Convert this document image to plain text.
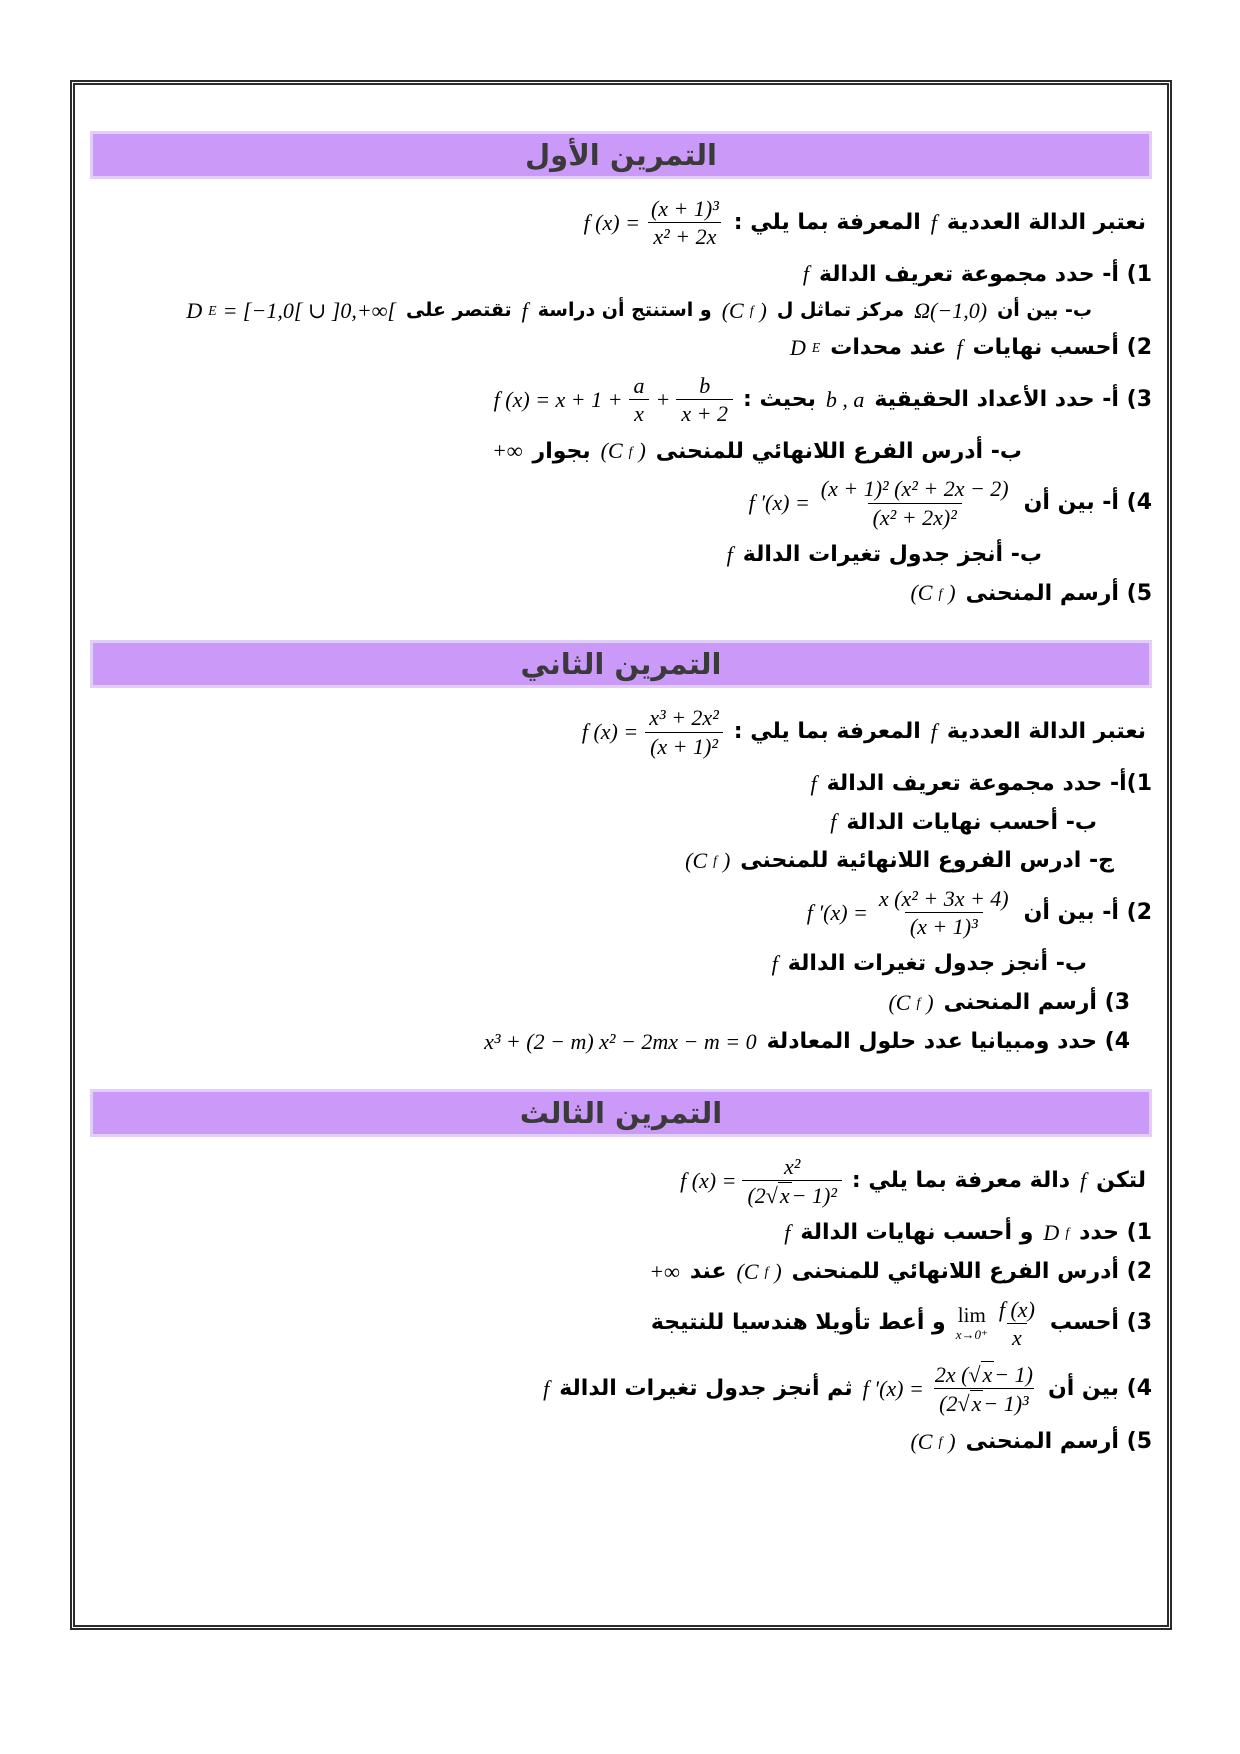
التمرين الأول
نعتبر الدالة العددية
f
المعرفة بما يلي :
f $(x) = \frac{\text{(x + 1)³}}{\text{x² + 2x}}$
1) أ- حدد مجموعة تعريف الدالة
f
ب- بين أن
Ω(−1,0)
مركز تماثل ل
(C f )
و استنتج أن دراسة
f
تقتصر على
D E = [−1,0[ ∪ ]0,+∞[
2) أحسب نهايات
f
عند محدات
D E
3) أ- حدد الأعداد الحقيقية
b , a
بحيث :
f $(x) = x + 1 + \frac{a}{x} + \frac{b}{x + 2}$
ب- أدرس الفرع اللانهائي للمنحنى
(C f )
بجوار
+∞
4) أ- بين أن
f $'(x) = \frac{\text{(x + 1)² (x² + 2x − 2)}}{\text{(x² + 2x)²}}$
ب- أنجز جدول تغيرات الدالة
f
5) أرسم المنحنى
(C f )
التمرين الثاني
نعتبر الدالة العددية
f
المعرفة بما يلي :
f $(x) = \frac{\text{x³ + 2x²}}{\text{(x + 1)²}}$
1)أ- حدد مجموعة تعريف الدالة
f
ب- أحسب نهايات الدالة
f
ج- ادرس الفروع اللانهائية للمنحنى
(C f )
2) أ- بين أن
f $'(x) = \frac{\text{x (x² + 3x + 4)}}{\text{(x + 1)³}}$
ب- أنجز جدول تغيرات الدالة
f
3) أرسم المنحنى
(C f )
4) حدد ومبيانيا عدد حلول المعادلة
x³ + (2 − m) x² − 2mx − m = 0
التمرين الثالث
لتكن
f
دالة معرفة بما يلي :
f $(x) = \frac{\text{x²}}{\text{(2 √ x − 1)²}}$
1) حدد
D f
و أحسب نهايات الدالة
f
2) أدرس الفرع اللانهائي للمنحنى
(C f )
عند
+∞
3) أحسب
lim
$x\to 0^+ \frac{f (x)}{x}$
و أعط تأويلا هندسيا للنتيجة
4) بين أن
f $'(x) = \frac{2x ( √ x - 1)}{\text{(2 √ x − 1)³}}$
ثم أنجز جدول تغيرات الدالة
f
5) أرسم المنحنى
(C f )
